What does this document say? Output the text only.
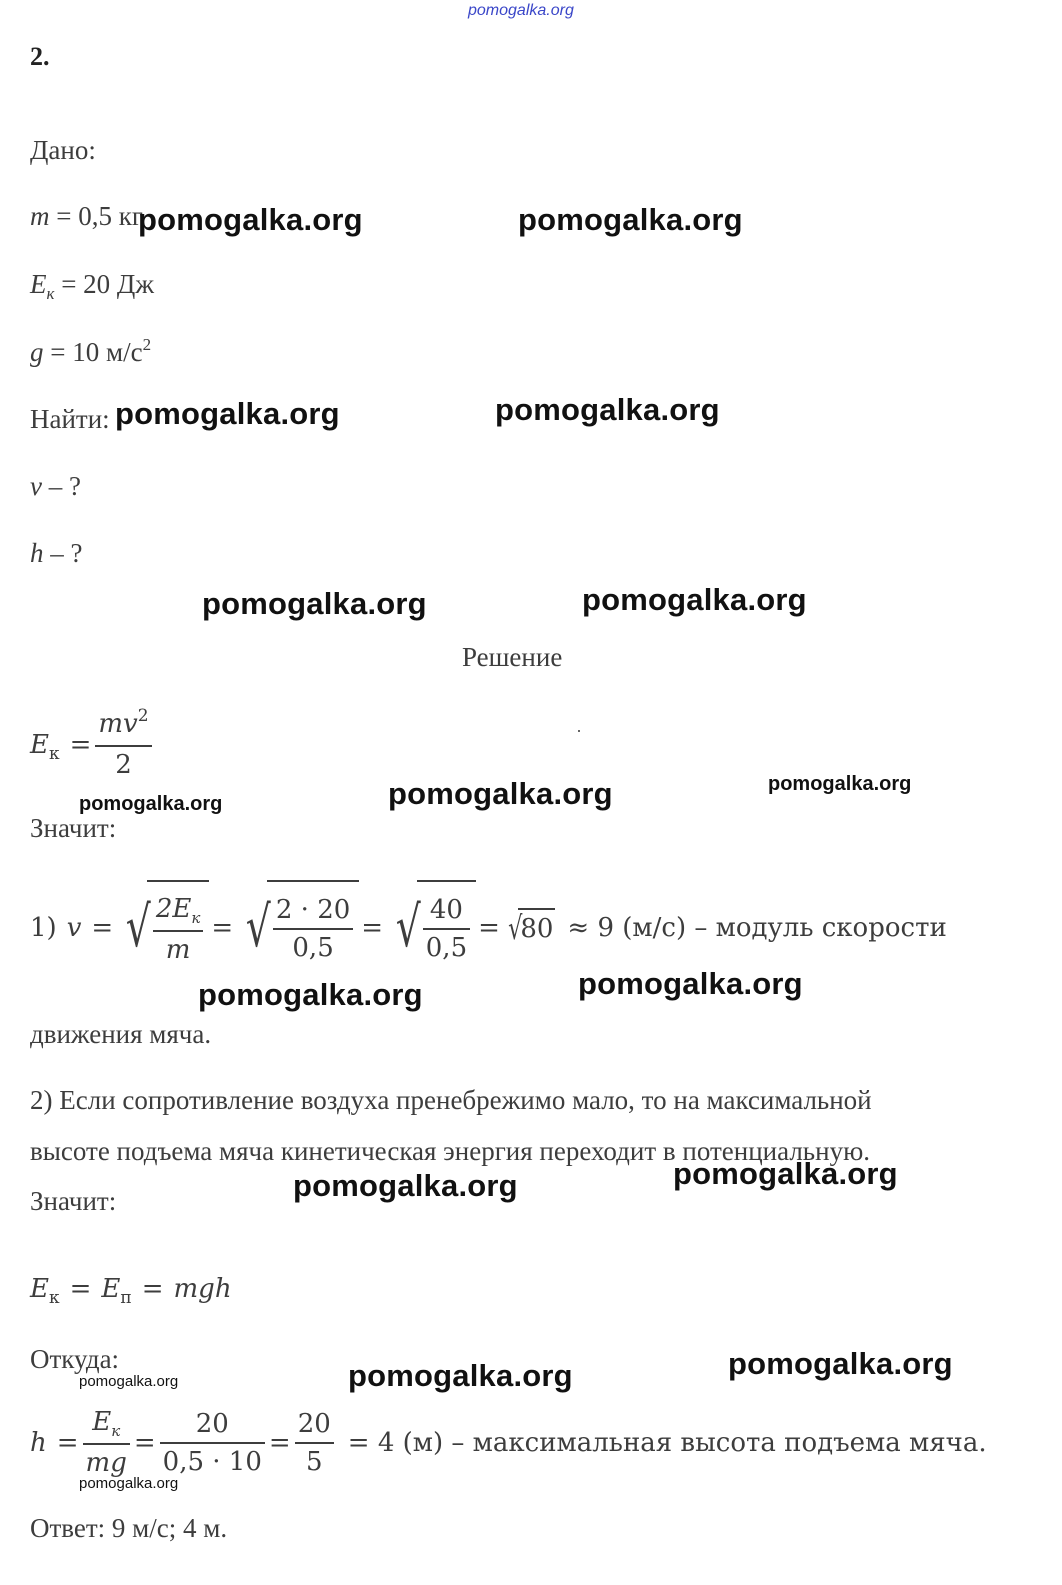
pomogalka.org
2.
Дано:
m = 0,5 кг
$E_к = 20$ Дж
g = 10 $м/с^2$
Найти:
v – ?
h – ?
Решение
$E_к = \frac{mv^2}{2}$
Значит:
1) v = √ $\frac{2E_к}{m}$ = √ $\frac{2 \cdot 20}{0,5}$ = √ $\frac{40}{0,5}$ = √
80 ≈ 9 (м/с) – модуль скорости
движения мяча.
2) Если сопротивление воздуха пренебрежимо мало, то на максимальной
высоте подъема мяча кинетическая энергия переходит в потенциальную.
Значит:
$E_к = E_п$ = mgh
Откуда:
$h = \frac{E_к}{mg} = \frac{20}{0,5 \cdot 10} = \frac{20}{5} = 4$ (м) – максимальная высота подъема мяча.
Ответ: 9 м/с; 4 м.
pomogalka.org	pomogalka.org
pomogalka.org	pomogalka.org
pomogalka.org	pomogalka.org
pomogalka.org
pomogalka.org	pomogalka.org
pomogalka.org	pomogalka.org
pomogalka.org	pomogalka.org
pomogalka.org	pomogalka.org
pomogalka.org
pomogalka.org
